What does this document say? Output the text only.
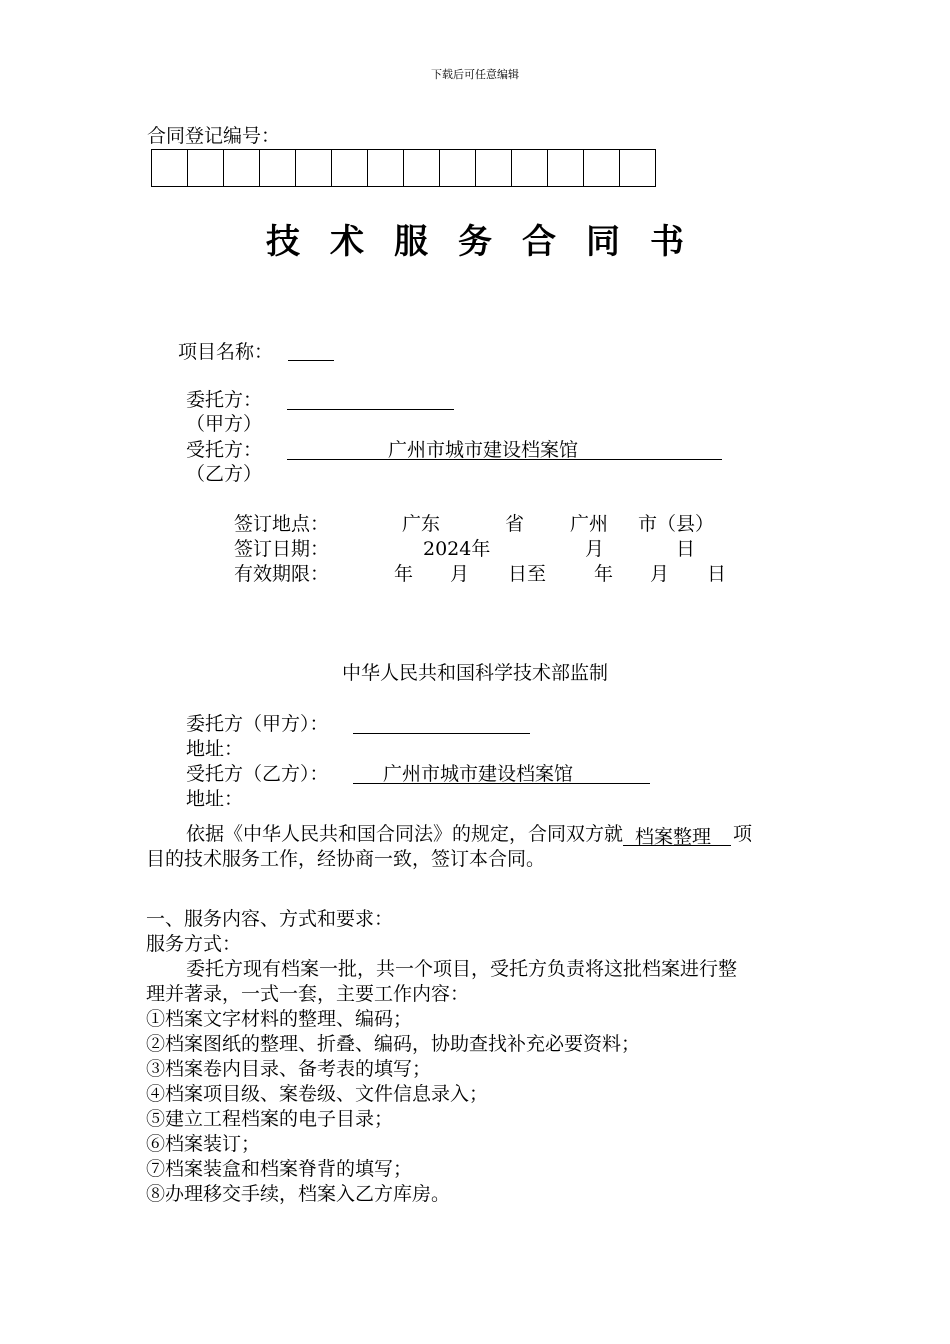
下载后可任意编辑
合同登记编号：
技术服务合同书
项目名称：
委托方：
（甲方）
受托方：	广州市城市建设档案馆
（乙方）
签订地点：	广东	省 广州 市（县）
签订日期：	2024年	月	日
有效期限：	年 月 日至	年 月 日
中华人民共和国科学技术部监制
委托方（甲方）：
地址：
受托方（乙方）：	广州市城市建设档案馆
地址：
依据《中华人民共和国合同法》的规定，合同双方就 档案整理 项
目的技术服务工作，经协商一致，签订本合同。
一、服务内容、方式和要求：
服务方式：
委托方现有档案一批，共一个项目，受托方负责将这批档案进行整
理并著录，一式一套，主要工作内容：
①档案文字材料的整理、编码；
②档案图纸的整理、折叠、编码，协助查找补充必要资料；
③档案卷内目录、备考表的填写；
④档案项目级、案卷级、文件信息录入；
⑤建立工程档案的电子目录；
⑥档案装订；
⑦档案装盒和档案脊背的填写；
⑧办理移交手续，档案入乙方库房。
